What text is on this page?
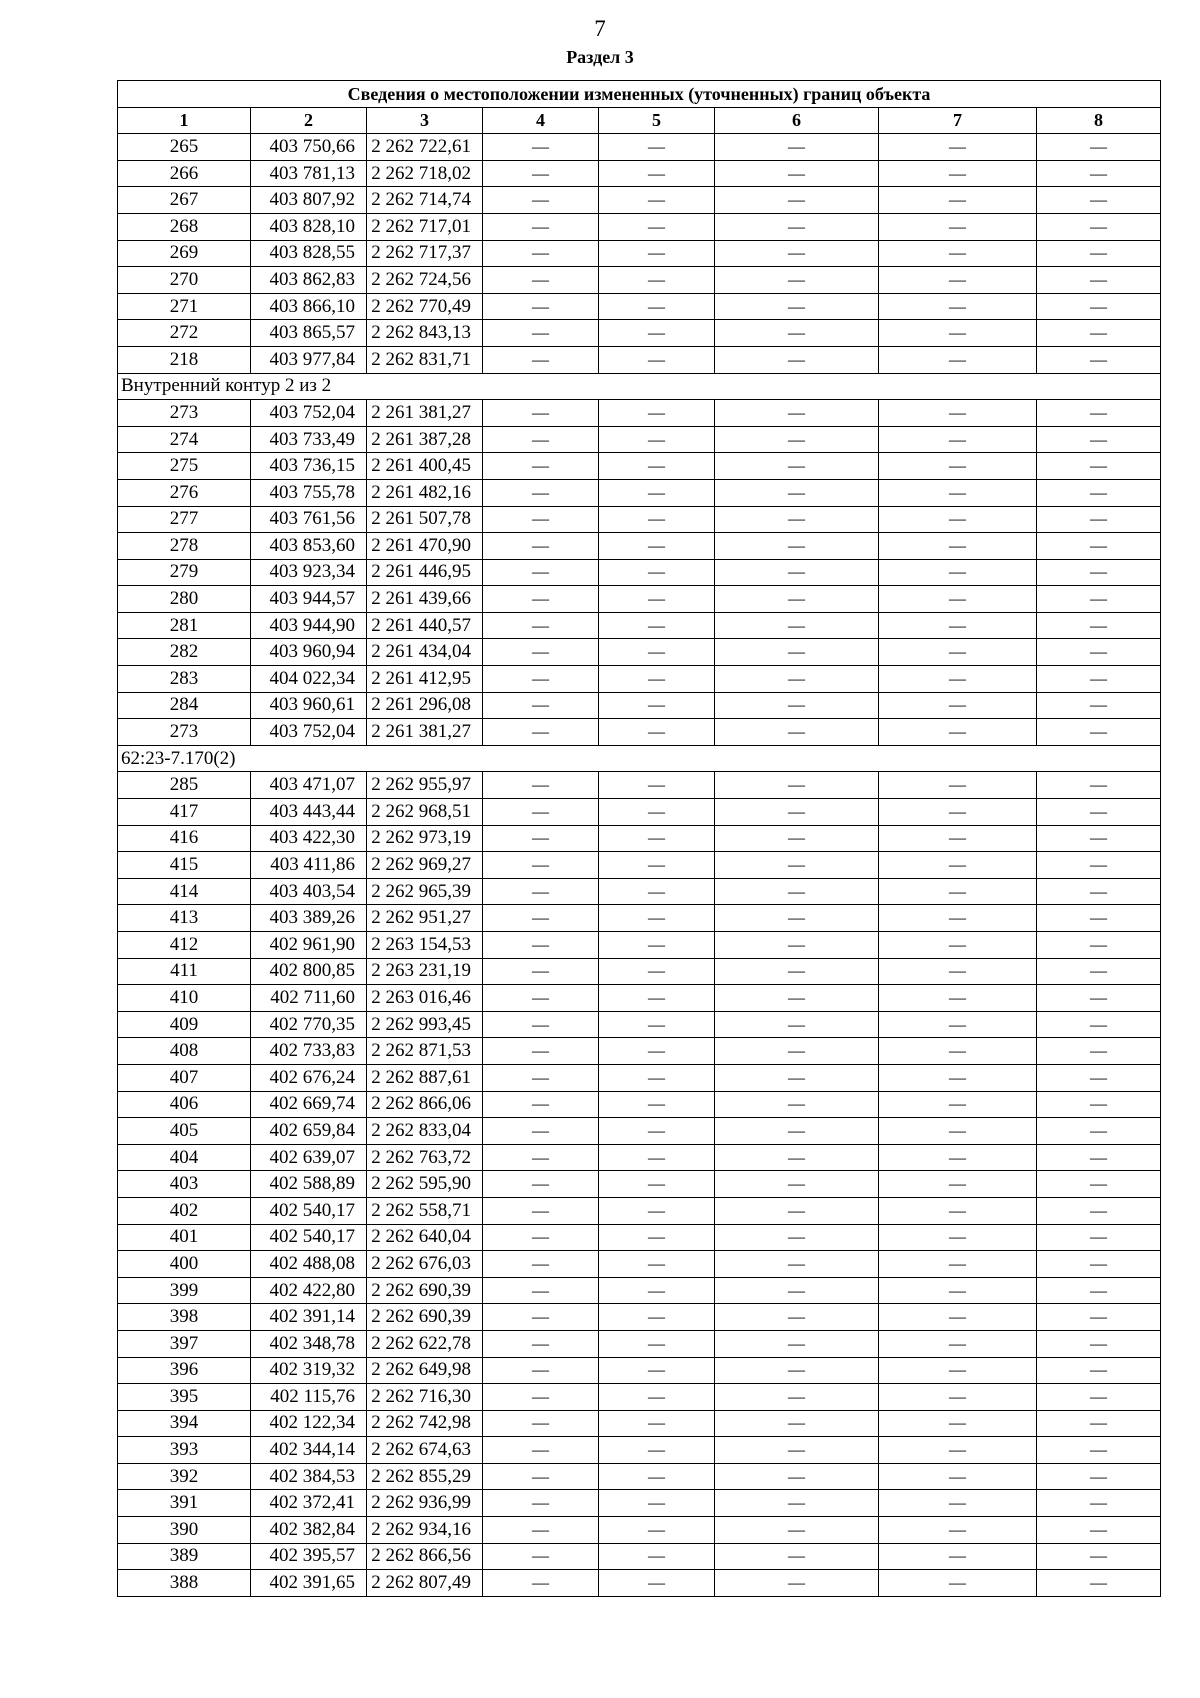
7
Раздел 3
Сведения о местоположении измененных (уточненных) границ объекта							
1	2	3	4	5	6	7	8
265	403 750,66	2 262 722,61	—	—	—	—	—
266	403 781,13	2 262 718,02	—	—	—	—	—
267	403 807,92	2 262 714,74	—	—	—	—	—
268	403 828,10	2 262 717,01	—	—	—	—	—
269	403 828,55	2 262 717,37	—	—	—	—	—
270	403 862,83	2 262 724,56	—	—	—	—	—
271	403 866,10	2 262 770,49	—	—	—	—	—
272	403 865,57	2 262 843,13	—	—	—	—	—
218	403 977,84	2 262 831,71	—	—	—	—	—
Внутренний контур 2 из 2							
273	403 752,04	2 261 381,27	—	—	—	—	—
274	403 733,49	2 261 387,28	—	—	—	—	—
275	403 736,15	2 261 400,45	—	—	—	—	—
276	403 755,78	2 261 482,16	—	—	—	—	—
277	403 761,56	2 261 507,78	—	—	—	—	—
278	403 853,60	2 261 470,90	—	—	—	—	—
279	403 923,34	2 261 446,95	—	—	—	—	—
280	403 944,57	2 261 439,66	—	—	—	—	—
281	403 944,90	2 261 440,57	—	—	—	—	—
282	403 960,94	2 261 434,04	—	—	—	—	—
283	404 022,34	2 261 412,95	—	—	—	—	—
284	403 960,61	2 261 296,08	—	—	—	—	—
273	403 752,04	2 261 381,27	—	—	—	—	—
62:23-7.170(2)							
285	403 471,07	2 262 955,97	—	—	—	—	—
417	403 443,44	2 262 968,51	—	—	—	—	—
416	403 422,30	2 262 973,19	—	—	—	—	—
415	403 411,86	2 262 969,27	—	—	—	—	—
414	403 403,54	2 262 965,39	—	—	—	—	—
413	403 389,26	2 262 951,27	—	—	—	—	—
412	402 961,90	2 263 154,53	—	—	—	—	—
411	402 800,85	2 263 231,19	—	—	—	—	—
410	402 711,60	2 263 016,46	—	—	—	—	—
409	402 770,35	2 262 993,45	—	—	—	—	—
408	402 733,83	2 262 871,53	—	—	—	—	—
407	402 676,24	2 262 887,61	—	—	—	—	—
406	402 669,74	2 262 866,06	—	—	—	—	—
405	402 659,84	2 262 833,04	—	—	—	—	—
404	402 639,07	2 262 763,72	—	—	—	—	—
403	402 588,89	2 262 595,90	—	—	—	—	—
402	402 540,17	2 262 558,71	—	—	—	—	—
401	402 540,17	2 262 640,04	—	—	—	—	—
400	402 488,08	2 262 676,03	—	—	—	—	—
399	402 422,80	2 262 690,39	—	—	—	—	—
398	402 391,14	2 262 690,39	—	—	—	—	—
397	402 348,78	2 262 622,78	—	—	—	—	—
396	402 319,32	2 262 649,98	—	—	—	—	—
395	402 115,76	2 262 716,30	—	—	—	—	—
394	402 122,34	2 262 742,98	—	—	—	—	—
393	402 344,14	2 262 674,63	—	—	—	—	—
392	402 384,53	2 262 855,29	—	—	—	—	—
391	402 372,41	2 262 936,99	—	—	—	—	—
390	402 382,84	2 262 934,16	—	—	—	—	—
389	402 395,57	2 262 866,56	—	—	—	—	—
388	402 391,65	2 262 807,49	—	—	—	—	—
